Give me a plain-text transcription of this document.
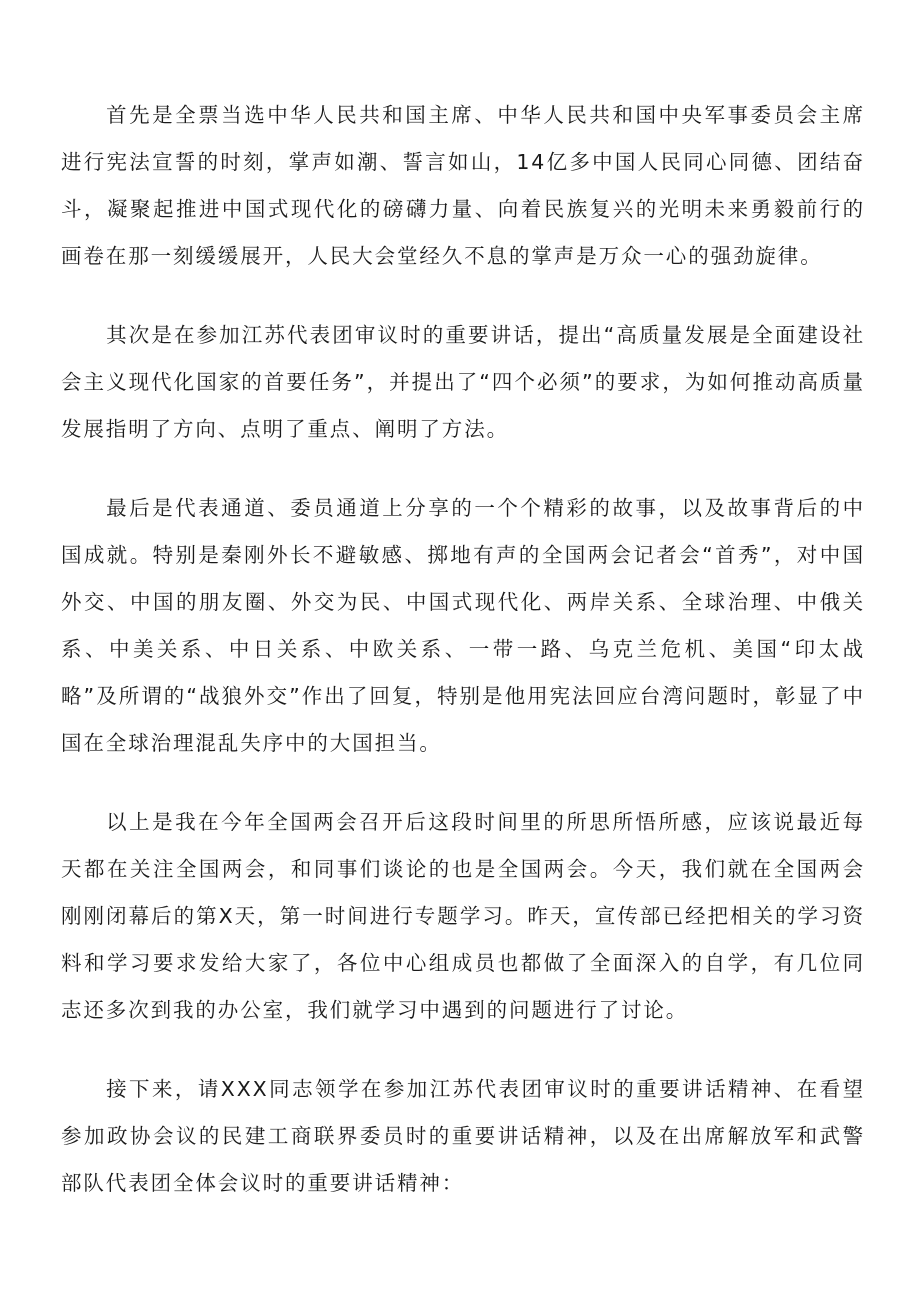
首先是全票当选中华人民共和国主席、中华人民共和国中央军事委员会主席进行宪法宣誓的时刻，掌声如潮、誓言如山，14亿多中国人民同心同德、团结奋斗，凝聚起推进中国式现代化的磅礴力量、向着民族复兴的光明未来勇毅前行的画卷在那一刻缓缓展开，人民大会堂经久不息的掌声是万众一心的强劲旋律。

其次是在参加江苏代表团审议时的重要讲话，提出“高质量发展是全面建设社会主义现代化国家的首要任务”，并提出了“四个必须”的要求，为如何推动高质量发展指明了方向、点明了重点、阐明了方法。

最后是代表通道、委员通道上分享的一个个精彩的故事，以及故事背后的中国成就。特别是秦刚外长不避敏感、掷地有声的全国两会记者会“首秀”，对中国外交、中国的朋友圈、外交为民、中国式现代化、两岸关系、全球治理、中俄关系、中美关系、中日关系、中欧关系、一带一路、乌克兰危机、美国“印太战略”及所谓的“战狼外交”作出了回复，特别是他用宪法回应台湾问题时，彰显了中国在全球治理混乱失序中的大国担当。

以上是我在今年全国两会召开后这段时间里的所思所悟所感，应该说最近每天都在关注全国两会，和同事们谈论的也是全国两会。今天，我们就在全国两会刚刚闭幕后的第X天，第一时间进行专题学习。昨天，宣传部已经把相关的学习资料和学习要求发给大家了，各位中心组成员也都做了全面深入的自学，有几位同志还多次到我的办公室，我们就学习中遇到的问题进行了讨论。

接下来，请XXX同志领学在参加江苏代表团审议时的重要讲话精神、在看望参加政协会议的民建工商联界委员时的重要讲话精神，以及在出席解放军和武警部队代表团全体会议时的重要讲话精神：
